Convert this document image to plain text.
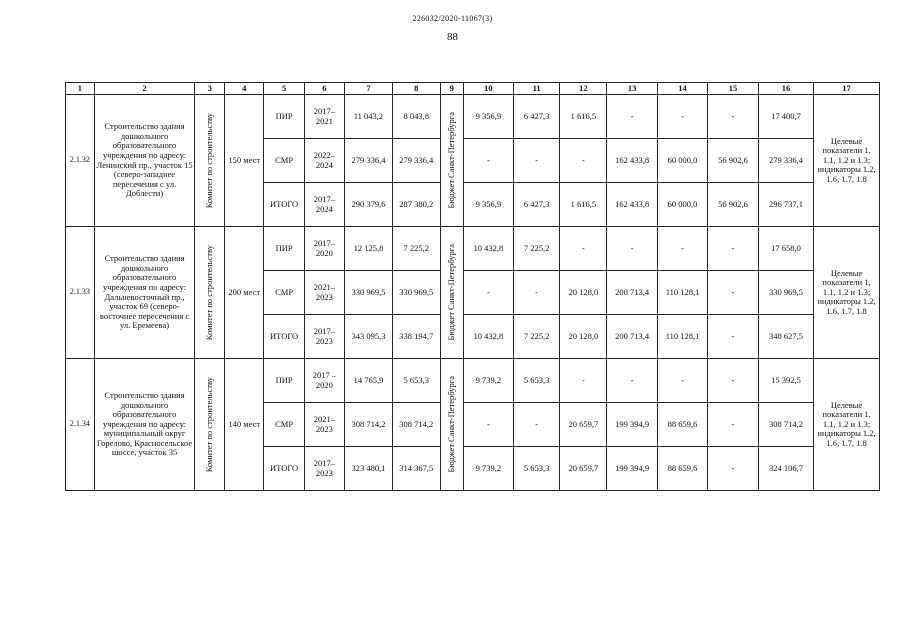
226032/2020-11067(3)
88
1	2	3	4	5	6	7	8	9	10	11	12	13	14	15	16	17
2.1.32	Строительство здания дошкольного образовательного учреждения по адресу: Ленинский пр., участок 15 (северо-западнее пересечения с ул. Доблести)	Комитет по строительству	150 мест	ПИР	2017–2021	11 043,2	8 043,8	Бюджет Санкт-Петербурга	9 356,9	6 427,3	1 616,5	-	-	-	17 400,7	Целевые показатели 1, 1.1, 1.2 и 1.3; индикаторы 1.2, 1.6, 1.7, 1.8
				СМР	2022–2024	279 336,4	279 336,4		-	-	-	162 433,8	60 000,0	56 902,6	279 336,4	
				ИТОГО	2017–2024	290 379,6	287 380,2		9 356,9	6 427,3	1 616,5	162 433,8	60 000,0	56 902,6	296 737,1	
2.1.33	Строительство здания дошкольного образовательного учреждения по адресу: Дальневосточный пр., участок 69 (северо-восточнее пересечения с ул. Еремеева)	Комитет по строительству	200 мест	ПИР	2017–2020	12 125,8	7 225,2	Бюджет Санкт-Петербурга	10 432,8	7 225,2	-	-	-	-	17 658,0	Целевые показатели 1, 1.1, 1.2 и 1.3; индикаторы 1.2, 1.6, 1.7, 1.8
				СМР	2021–2023	330 969,5	330 969,5		-	-	20 128,0	200 713,4	110 128,1	-	330 969,5	
				ИТОГО	2017–2023	343 095,3	338 194,7		10 432,8	7 225,2	20 128,0	200 713,4	110 128,1	-	348 627,5	
2.1.34	Строительство здания дошкольного образовательного учреждения по адресу: муниципальный округ Горелово, Красносельское шоссе, участок 35	Комитет по строительству	140 мест	ПИР	2017 – 2020	14 765,9	5 653,3	Бюджет Санкт-Петербурга	9 739,2	5 653,3	-	-	-	-	15 392,5	Целевые показатели 1, 1.1, 1.2 и 1.3; индикаторы 1.2, 1.6, 1.7, 1.8
				СМР	2021–2023	308 714,2	308 714,2		-	-	20 659,7	199 394,9	88 659,6	-	308 714,2	
				ИТОГО	2017–2023	323 480,1	314 367,5		9 739,2	5 653,3	20 659,7	199 394,9	88 659,6	-	324 106,7	
